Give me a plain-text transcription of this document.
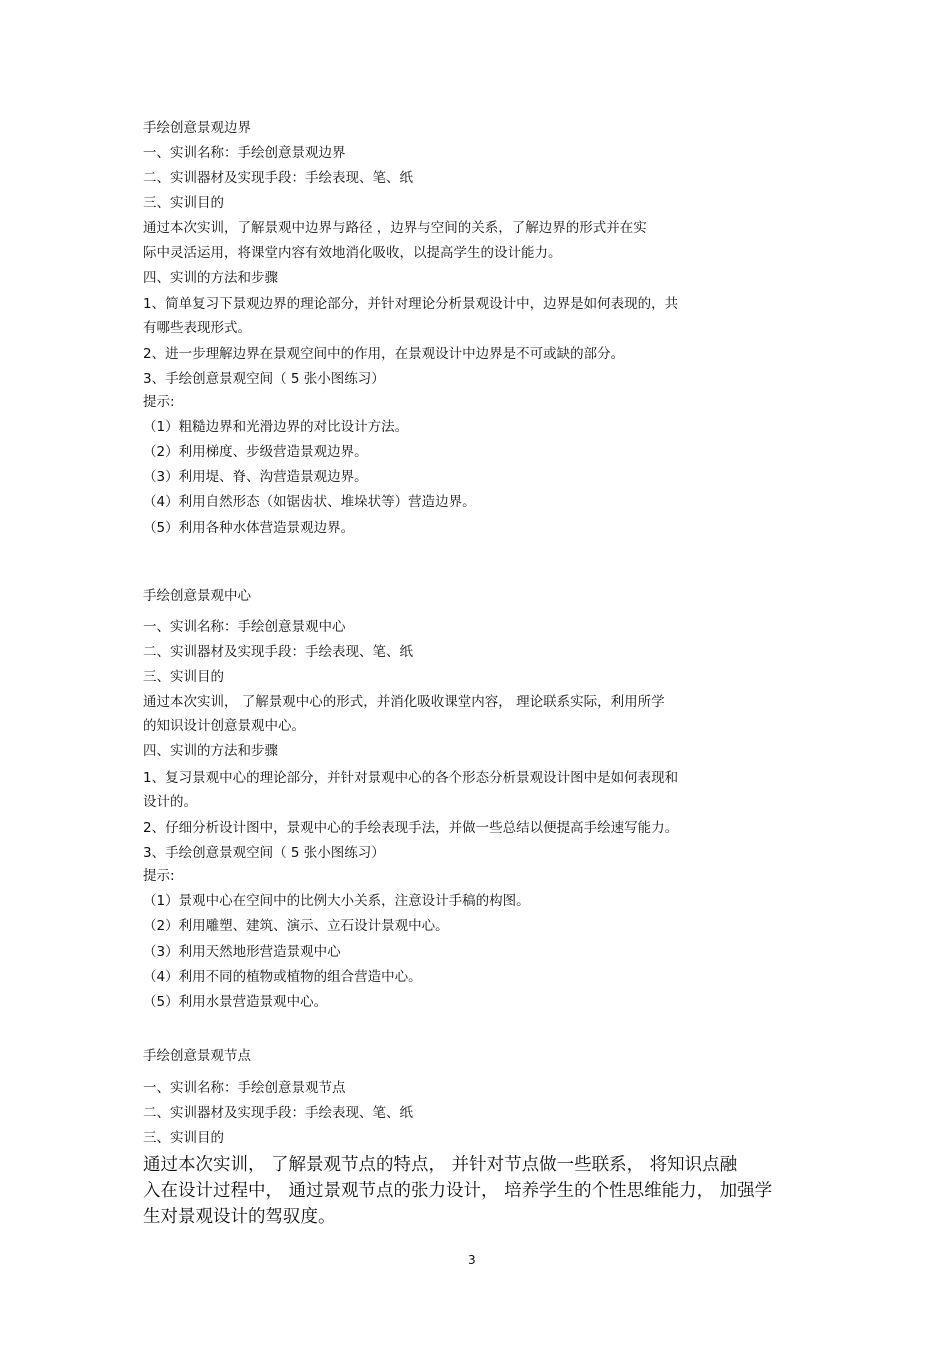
手绘创意景观边界
一、实训名称：手绘创意景观边界
二、实训器材及实现手段：手绘表现、笔、纸
三、实训目的
通过本次实训，了解景观中边界与路径 ，边界与空间的关系，了解边界的形式并在实
际中灵活运用，将课堂内容有效地消化吸收，以提高学生的设计能力。
四、实训的方法和步骤
1、简单复习下景观边界的理论部分，并针对理论分析景观设计中，边界是如何表现的，共
有哪些表现形式。
2、进一步理解边界在景观空间中的作用，在景观设计中边界是不可或缺的部分。
3、手绘创意景观空间（ 5 张小图练习）
提示:
（1）粗糙边界和光滑边界的对比设计方法。
（2）利用梯度、步级营造景观边界。
（3）利用堤、脊、沟营造景观边界。
（4）利用自然形态（如锯齿状、堆垛状等）营造边界。
（5）利用各种水体营造景观边界。
手绘创意景观中心
一、实训名称：手绘创意景观中心
二、实训器材及实现手段：手绘表现、笔、纸
三、实训目的
通过本次实训， 了解景观中心的形式，并消化吸收课堂内容， 理论联系实际，利用所学
的知识设计创意景观中心。
四、实训的方法和步骤
1、复习景观中心的理论部分，并针对景观中心的各个形态分析景观设计图中是如何表现和
设计的。
2、仔细分析设计图中，景观中心的手绘表现手法，并做一些总结以便提高手绘速写能力。
3、手绘创意景观空间（ 5 张小图练习）
提示:
（1）景观中心在空间中的比例大小关系，注意设计手稿的构图。
（2）利用雕塑、建筑、演示、立石设计景观中心。
（3）利用天然地形营造景观中心
（4）利用不同的植物或植物的组合营造中心。
（5）利用水景营造景观中心。
手绘创意景观节点
一、实训名称：手绘创意景观节点
二、实训器材及实现手段：手绘表现、笔、纸
三、实训目的
通过本次实训， 了解景观节点的特点， 并针对节点做一些联系， 将知识点融
入在设计过程中， 通过景观节点的张力设计， 培养学生的个性思维能力， 加强学
生对景观设计的驾驭度。
3
